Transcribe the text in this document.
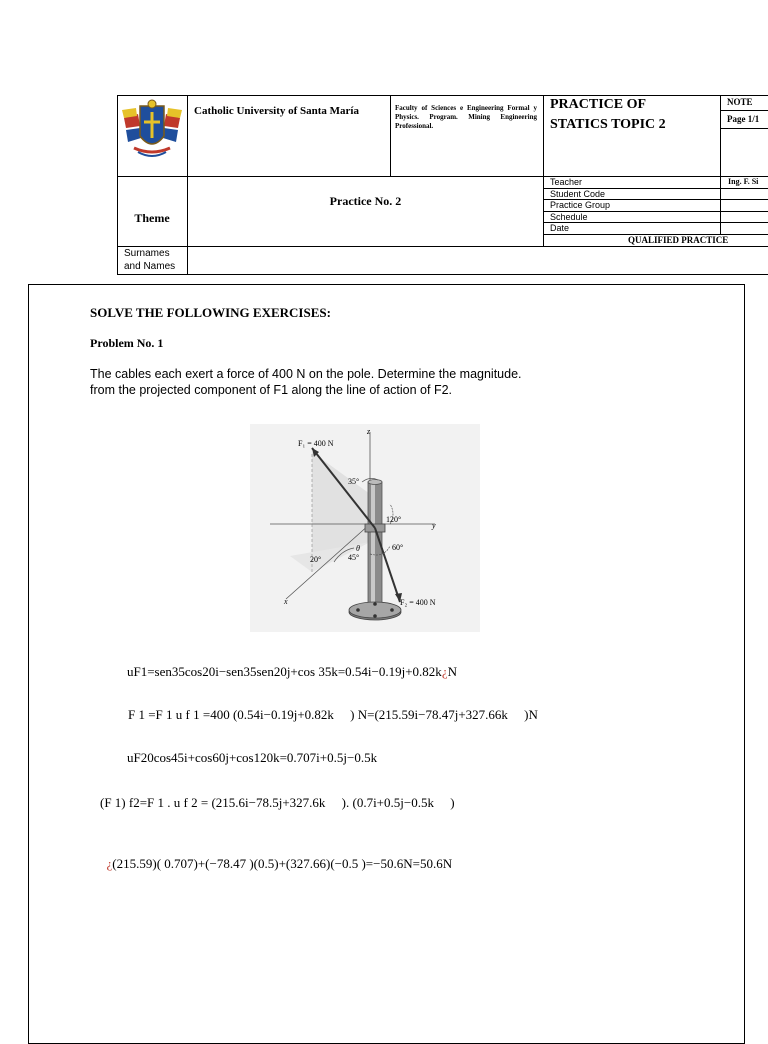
Catholic University of Santa María	Faculty of Sciences e Engineering Formal y Physics. Program. Mining Engineering Professional.
PRACTICE OF
STATICS TOPIC 2
NOTE
Page 1/1
Theme
Practice No. 2
Teacher	Ing. F. Si
Student Code
Practice Group
Schedule
Date
QUALIFIED PRACTICE
Surnames
and Names
SOLVE THE FOLLOWING EXERCISES:
Problem No. 1
The cables each exert a force of 400 N on the pole. Determine the magnitude.
from the projected component of F1 along the line of action of F2.
F₁ = 400 N
F₂ = 400 N
35°
120°
60°
20°	45°
θ
x
y
z
uF1=sen35cos20i−sen35sen20j+cos 35k=0.54i−0.19j+0.82k¿N
F 1 =F 1 u f 1 =400 (0.54i−0.19j+0.82k     ) N=(215.59i−78.47j+327.66k     )N
uF20cos45i+cos60j+cos120k=0.707i+0.5j−0.5k
(F 1) f2=F 1 . u f 2 = (215.6i−78.5j+327.6k     ). (0.7i+0.5j−0.5k     )

¿(215.59)( 0.707)+(−78.47 )(0.5)+(327.66)(−0.5 )=−50.6N=50.6N
